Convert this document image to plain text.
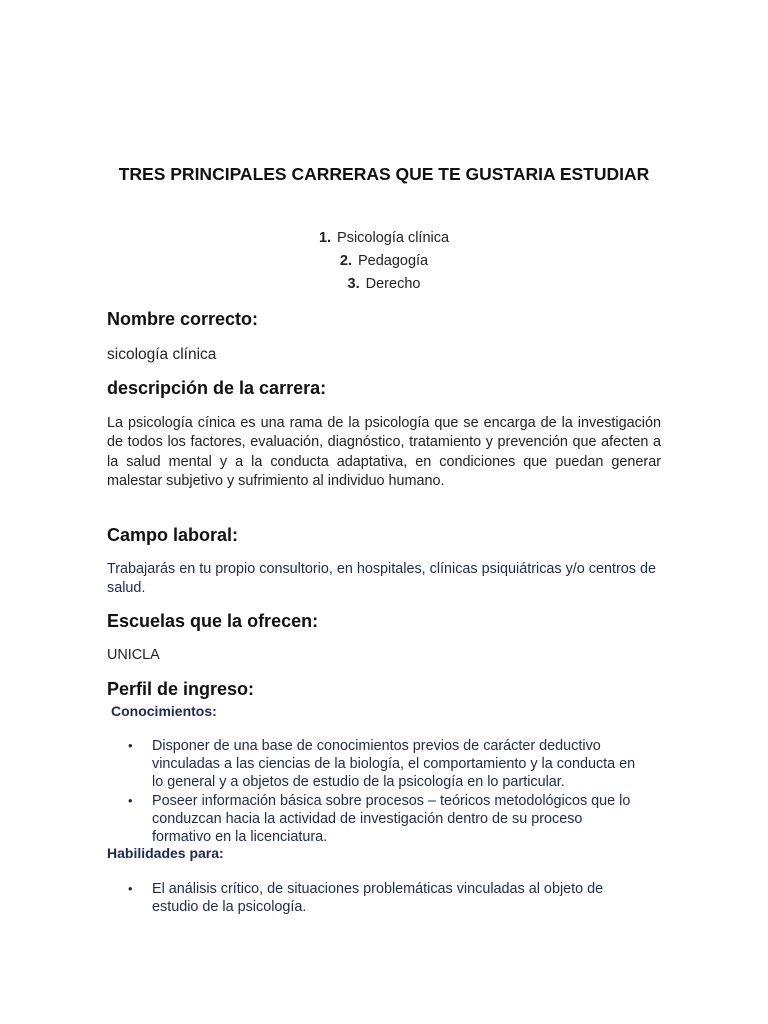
TRES PRINCIPALES CARRERAS QUE TE GUSTARIA ESTUDIAR
1. Psicología clínica
2. Pedagogía
3. Derecho
Nombre correcto:

sicología clínica

descripción de la carrera:

La psicología cínica es una rama de la psicología que se encarga de la investigación de todos los factores, evaluación, diagnóstico, tratamiento y prevención que afecten a la salud mental y a la conducta adaptativa, en condiciones que puedan generar malestar subjetivo y sufrimiento al individuo humano.

Campo laboral:

Trabajarás en tu propio consultorio, en hospitales, clínicas psiquiátricas y/o centros de salud.

Escuelas que la ofrecen:

UNICLA

Perfil de ingreso:

Conocimientos:

• Disponer de una base de conocimientos previos de carácter deductivo vinculadas a las ciencias de la biología, el comportamiento y la conducta en lo general y a objetos de estudio de la psicología en lo particular.
• Poseer información básica sobre procesos – teóricos metodológicos que lo conduzcan hacia la actividad de investigación dentro de su proceso formativo en la licenciatura.

Habilidades para:

• El análisis crítico, de situaciones problemáticas vinculadas al objeto de estudio de la psicología.
